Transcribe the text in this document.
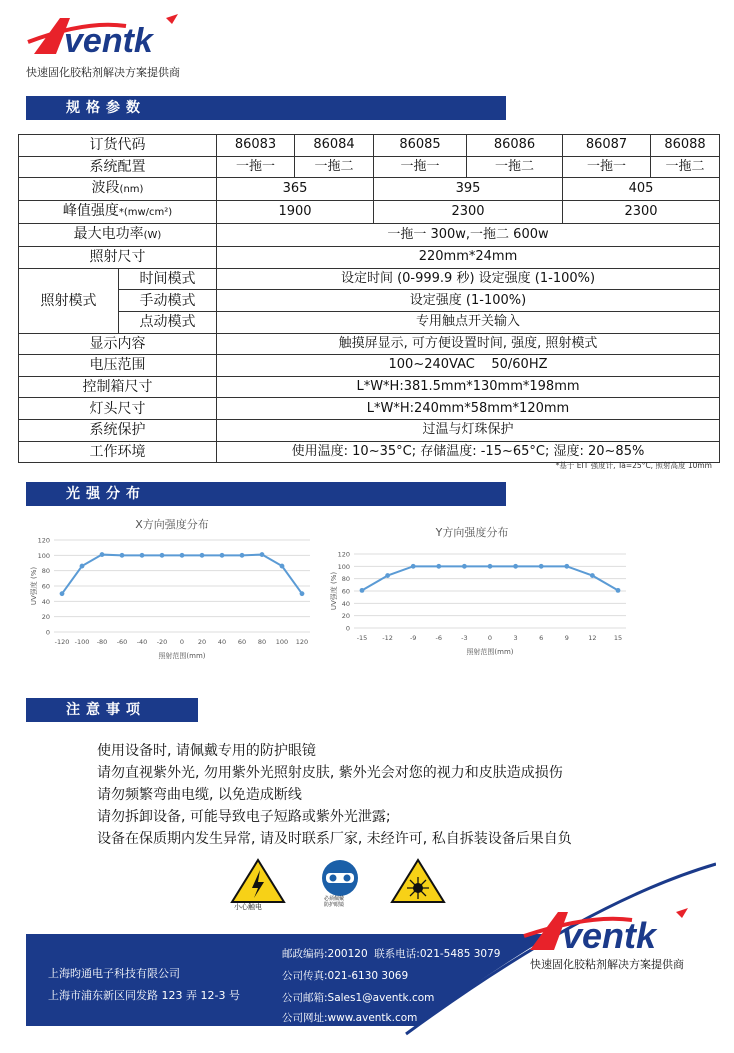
ventk
快速固化胶粘剂解决方案提供商
规格参数
订货代码		86083	86084	86085	86086	86087	86088
系统配置		一拖一	一拖二	一拖一	一拖二	一拖一	一拖二
波段(nm)		365		395		405	
峰值强度*(mw/cm²)		1900		2300		2300	
最大电功率(W)		一拖一 300w,一拖二 600w					
照射尺寸		220mm*24mm					
照射模式	时间模式	设定时间 (0-999.9 秒) 设定强度 (1-100%)					
	手动模式	设定强度 (1-100%)					
	点动模式	专用触点开关输入					
显示内容		触摸屏显示, 可方便设置时间, 强度, 照射模式					
电压范围		100~240VAC    50/60HZ					
控制箱尺寸		L*W*H:381.5mm*130mm*198mm					
灯头尺寸		L*W*H:240mm*58mm*120mm					
系统保护		过温与灯珠保护					
工作环境		使用温度: 10~35°C; 存储温度: -15~65°C; 湿度: 20~85%					
*基于 EIT 强度计, Ta=25°C, 照射高度 10mm
光强分布
X方向强度分布
0
20
40
60
80
100
120
-120 -100 -80 -60 -40 -20 0 20 40 60 80 100 120
照射范围(mm)
UV强度 (%)
Y方向强度分布
0
20
40
60
80
100
120
-15 -12	-9	-6	-3	0	3	6	9	12	15
照射范围(mm)
UV强度 (%)
注意事项
使用设备时, 请佩戴专用的防护眼镜
请勿直视紫外光, 勿用紫外光照射皮肤, 紫外光会对您的视力和皮肤造成损伤
请勿频繁弯曲电缆, 以免造成断线
请勿拆卸设备, 可能导致电子短路或紫外光泄露;
设备在保质期内发生异常, 请及时联系厂家, 未经许可, 私自拆装设备后果自负
小心触电
必须佩戴
防护眼镜
上海昀通电子科技有限公司
上海市浦东新区同发路 123 弄 12-3 号
邮政编码:200120  联系电话:021-5485 3079
公司传真:021-6130 3069
公司邮箱:Sales1@aventk.com
公司网址:www.aventk.com
ventk
快速固化胶粘剂解决方案提供商
